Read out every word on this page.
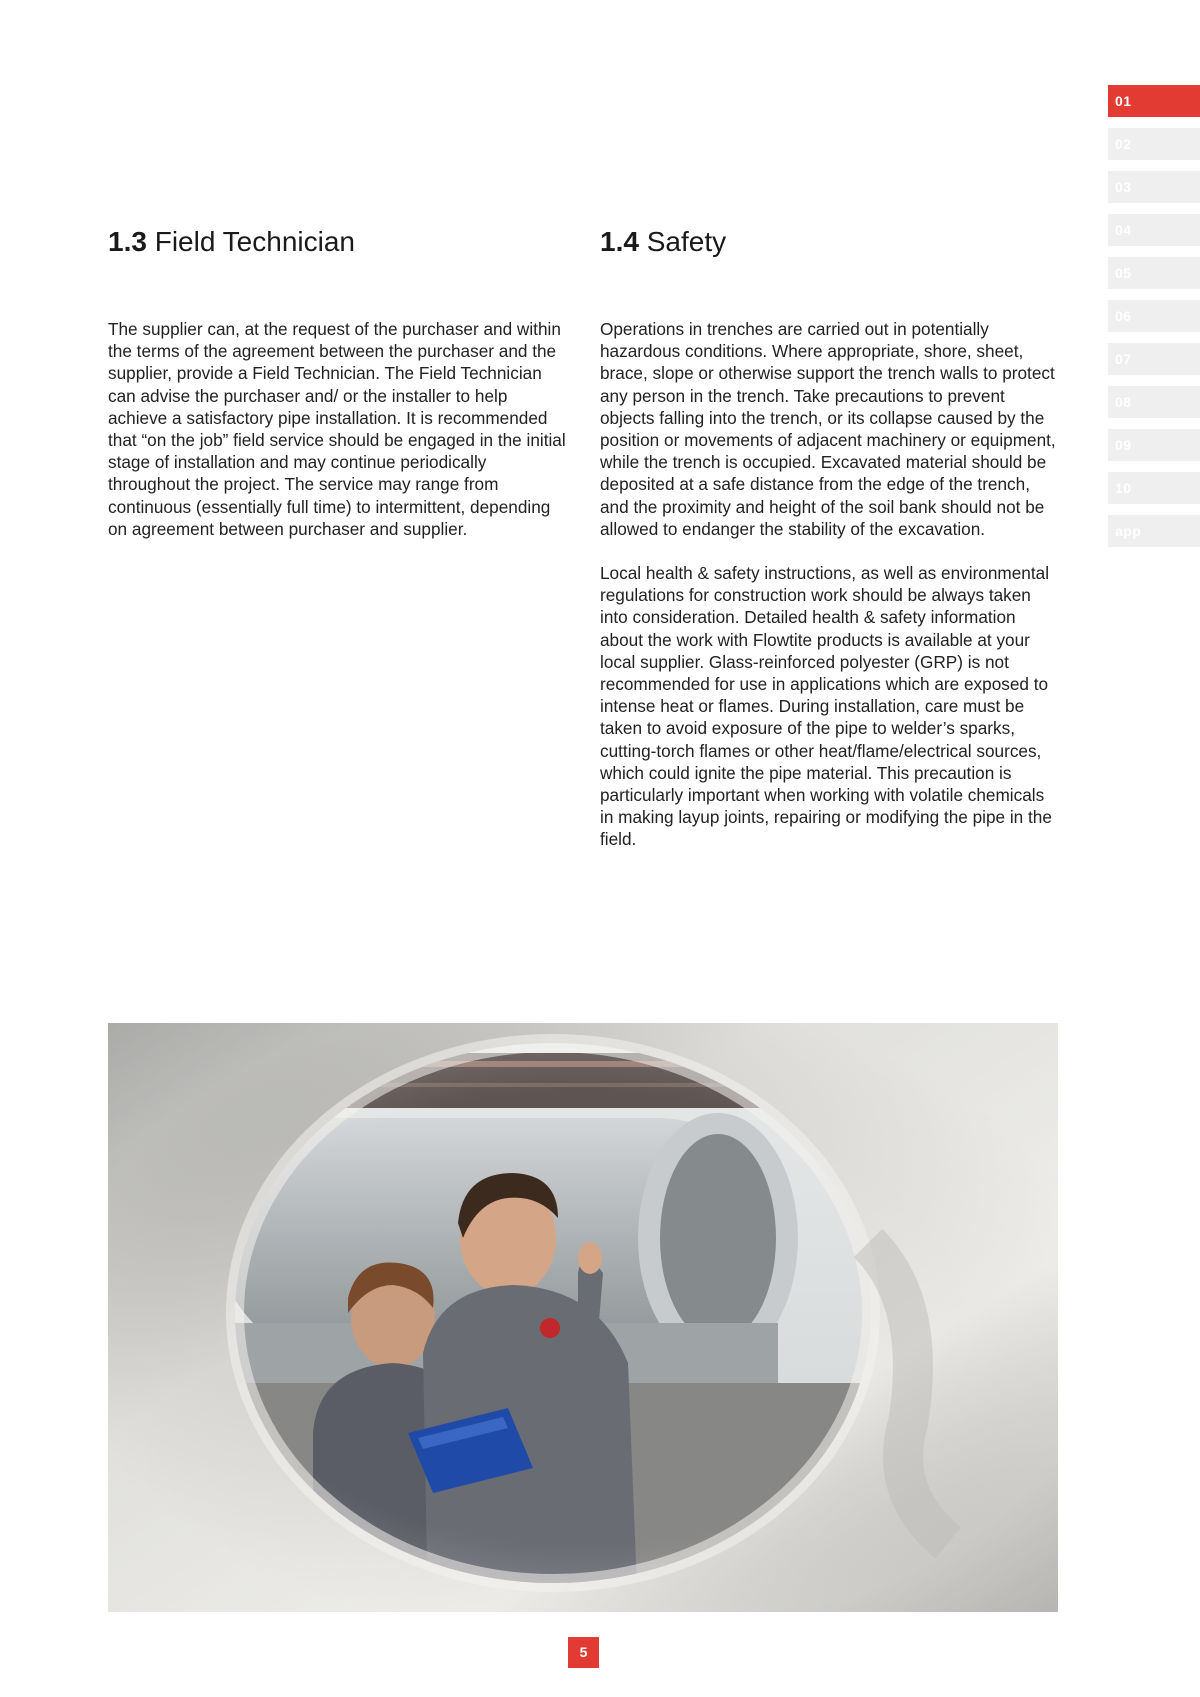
01
02
03
04
05
06
07
08
09
10
app
1.3 Field Technician

The supplier can, at the request of the purchaser and within the terms of the agreement between the purchaser and the supplier, provide a Field Technician. The Field Technician can advise the purchaser and/ or the installer to help achieve a satisfactory pipe installation. It is recommended that “on the job” field service should be engaged in the initial stage of installation and may continue periodically throughout the project. The service may range from continuous (essentially full time) to intermittent, depending on agreement between purchaser and supplier.

1.4 Safety

Operations in trenches are carried out in potentially hazardous conditions. Where appropriate, shore, sheet, brace, slope or otherwise support the trench walls to protect any person in the trench. Take precautions to prevent objects falling into the trench, or its collapse caused by the position or movements of adjacent machinery or equipment, while the trench is occupied. Excavated material should be deposited at a safe distance from the edge of the trench, and the proximity and height of the soil bank should not be allowed to endanger the stability of the excavation.

Local health & safety instructions, as well as environmental regulations for construction work should be always taken into consideration. Detailed health & safety information about the work with Flowtite products is available at your local supplier. Glass-reinforced polyester (GRP) is not recommended for use in applications which are exposed to intense heat or flames. During installation, care must be taken to avoid exposure of the pipe to welder’s sparks, cutting-torch flames or other heat/flame/electrical sources, which could ignite the pipe material. This precaution is particularly important when working with volatile chemicals in making layup joints, repairing or modifying the pipe in the field.

5
